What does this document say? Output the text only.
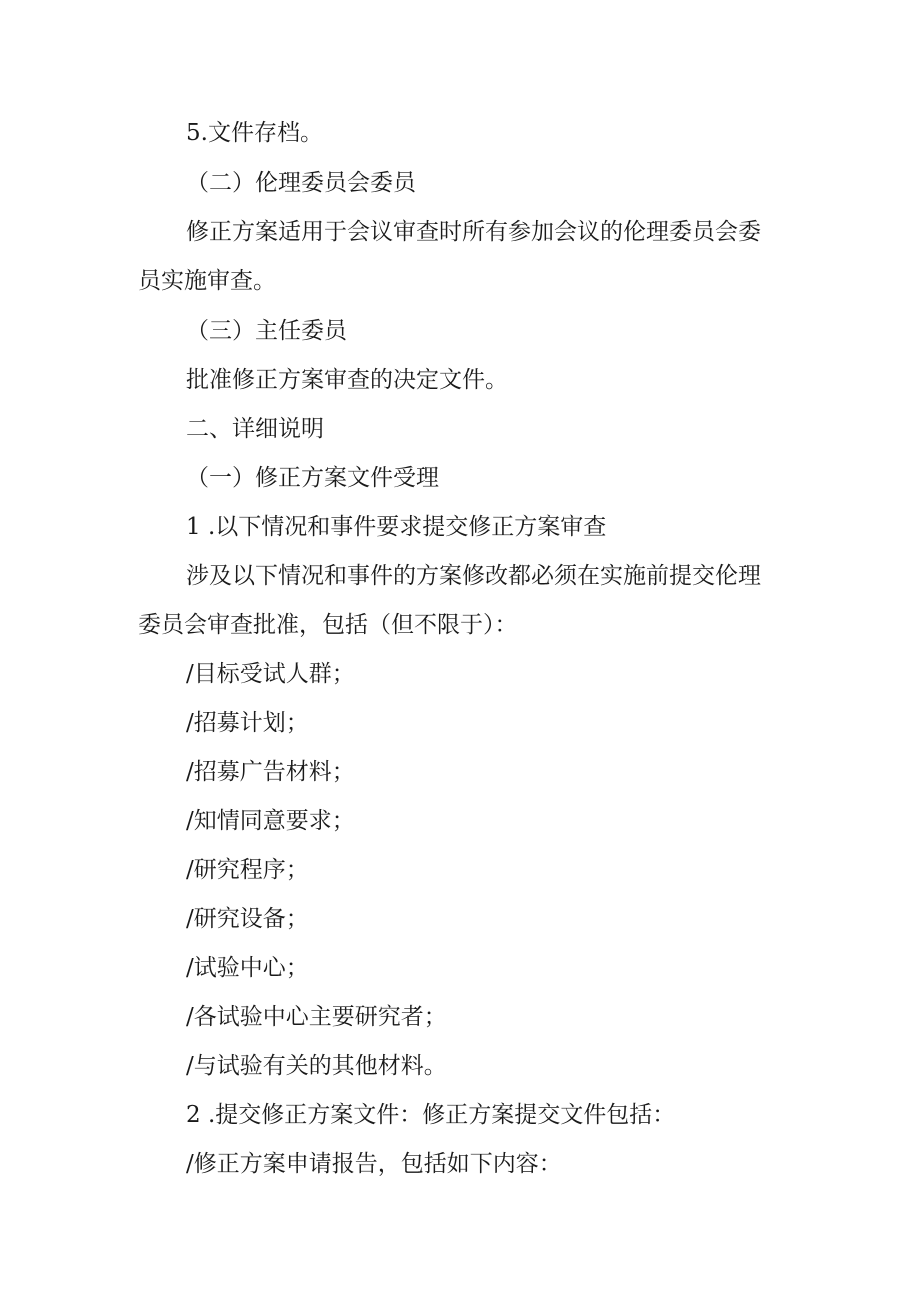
5.文件存档。
（二）伦理委员会委员
修正方案适用于会议审查时所有参加会议的伦理委员会委
员实施审查。
（三）主任委员
批准修正方案审查的决定文件。
二、详细说明
（一）修正方案文件受理
1 .以下情况和事件要求提交修正方案审查
涉及以下情况和事件的方案修改都必须在实施前提交伦理
委员会审查批准，包括（但不限于）：
/目标受试人群；
/招募计划；
/招募广告材料；
/知情同意要求；
/研究程序；
/研究设备；
/试验中心；
/各试验中心主要研究者；
/与试验有关的其他材料。
2 .提交修正方案文件：修正方案提交文件包括：
/修正方案申请报告，包括如下内容：
